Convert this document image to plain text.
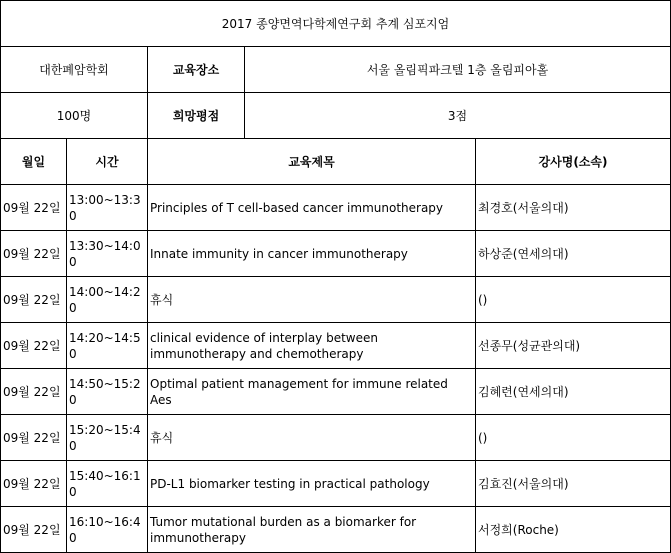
2017 종양면역다학제연구회 추계 심포지엄				
대한폐암학회		교육장소	서울 올림픽파크텔 1층 올림피아홀	
100명		희망평점	3점	
월일	시간	교육제목		강사명(소속)
09월 22일	13:00~13:30	Principles of T cell-based cancer immunotherapy		최경호(서울의대)
09월 22일	13:30~14:00	Innate immunity in cancer immunotherapy		하상준(연세의대)
09월 22일	14:00~14:20	휴식		()
09월 22일	14:20~14:50	clinical evidence of interplay between immunotherapy and chemotherapy		선종무(성균관의대)
09월 22일	14:50~15:20	Optimal patient management for immune related Aes		김혜련(연세의대)
09월 22일	15:20~15:40	휴식		()
09월 22일	15:40~16:10	PD-L1 biomarker testing in practical pathology		김효진(서울의대)
09월 22일	16:10~16:40	Tumor mutational burden as a biomarker for immunotherapy		서정희(Roche)
